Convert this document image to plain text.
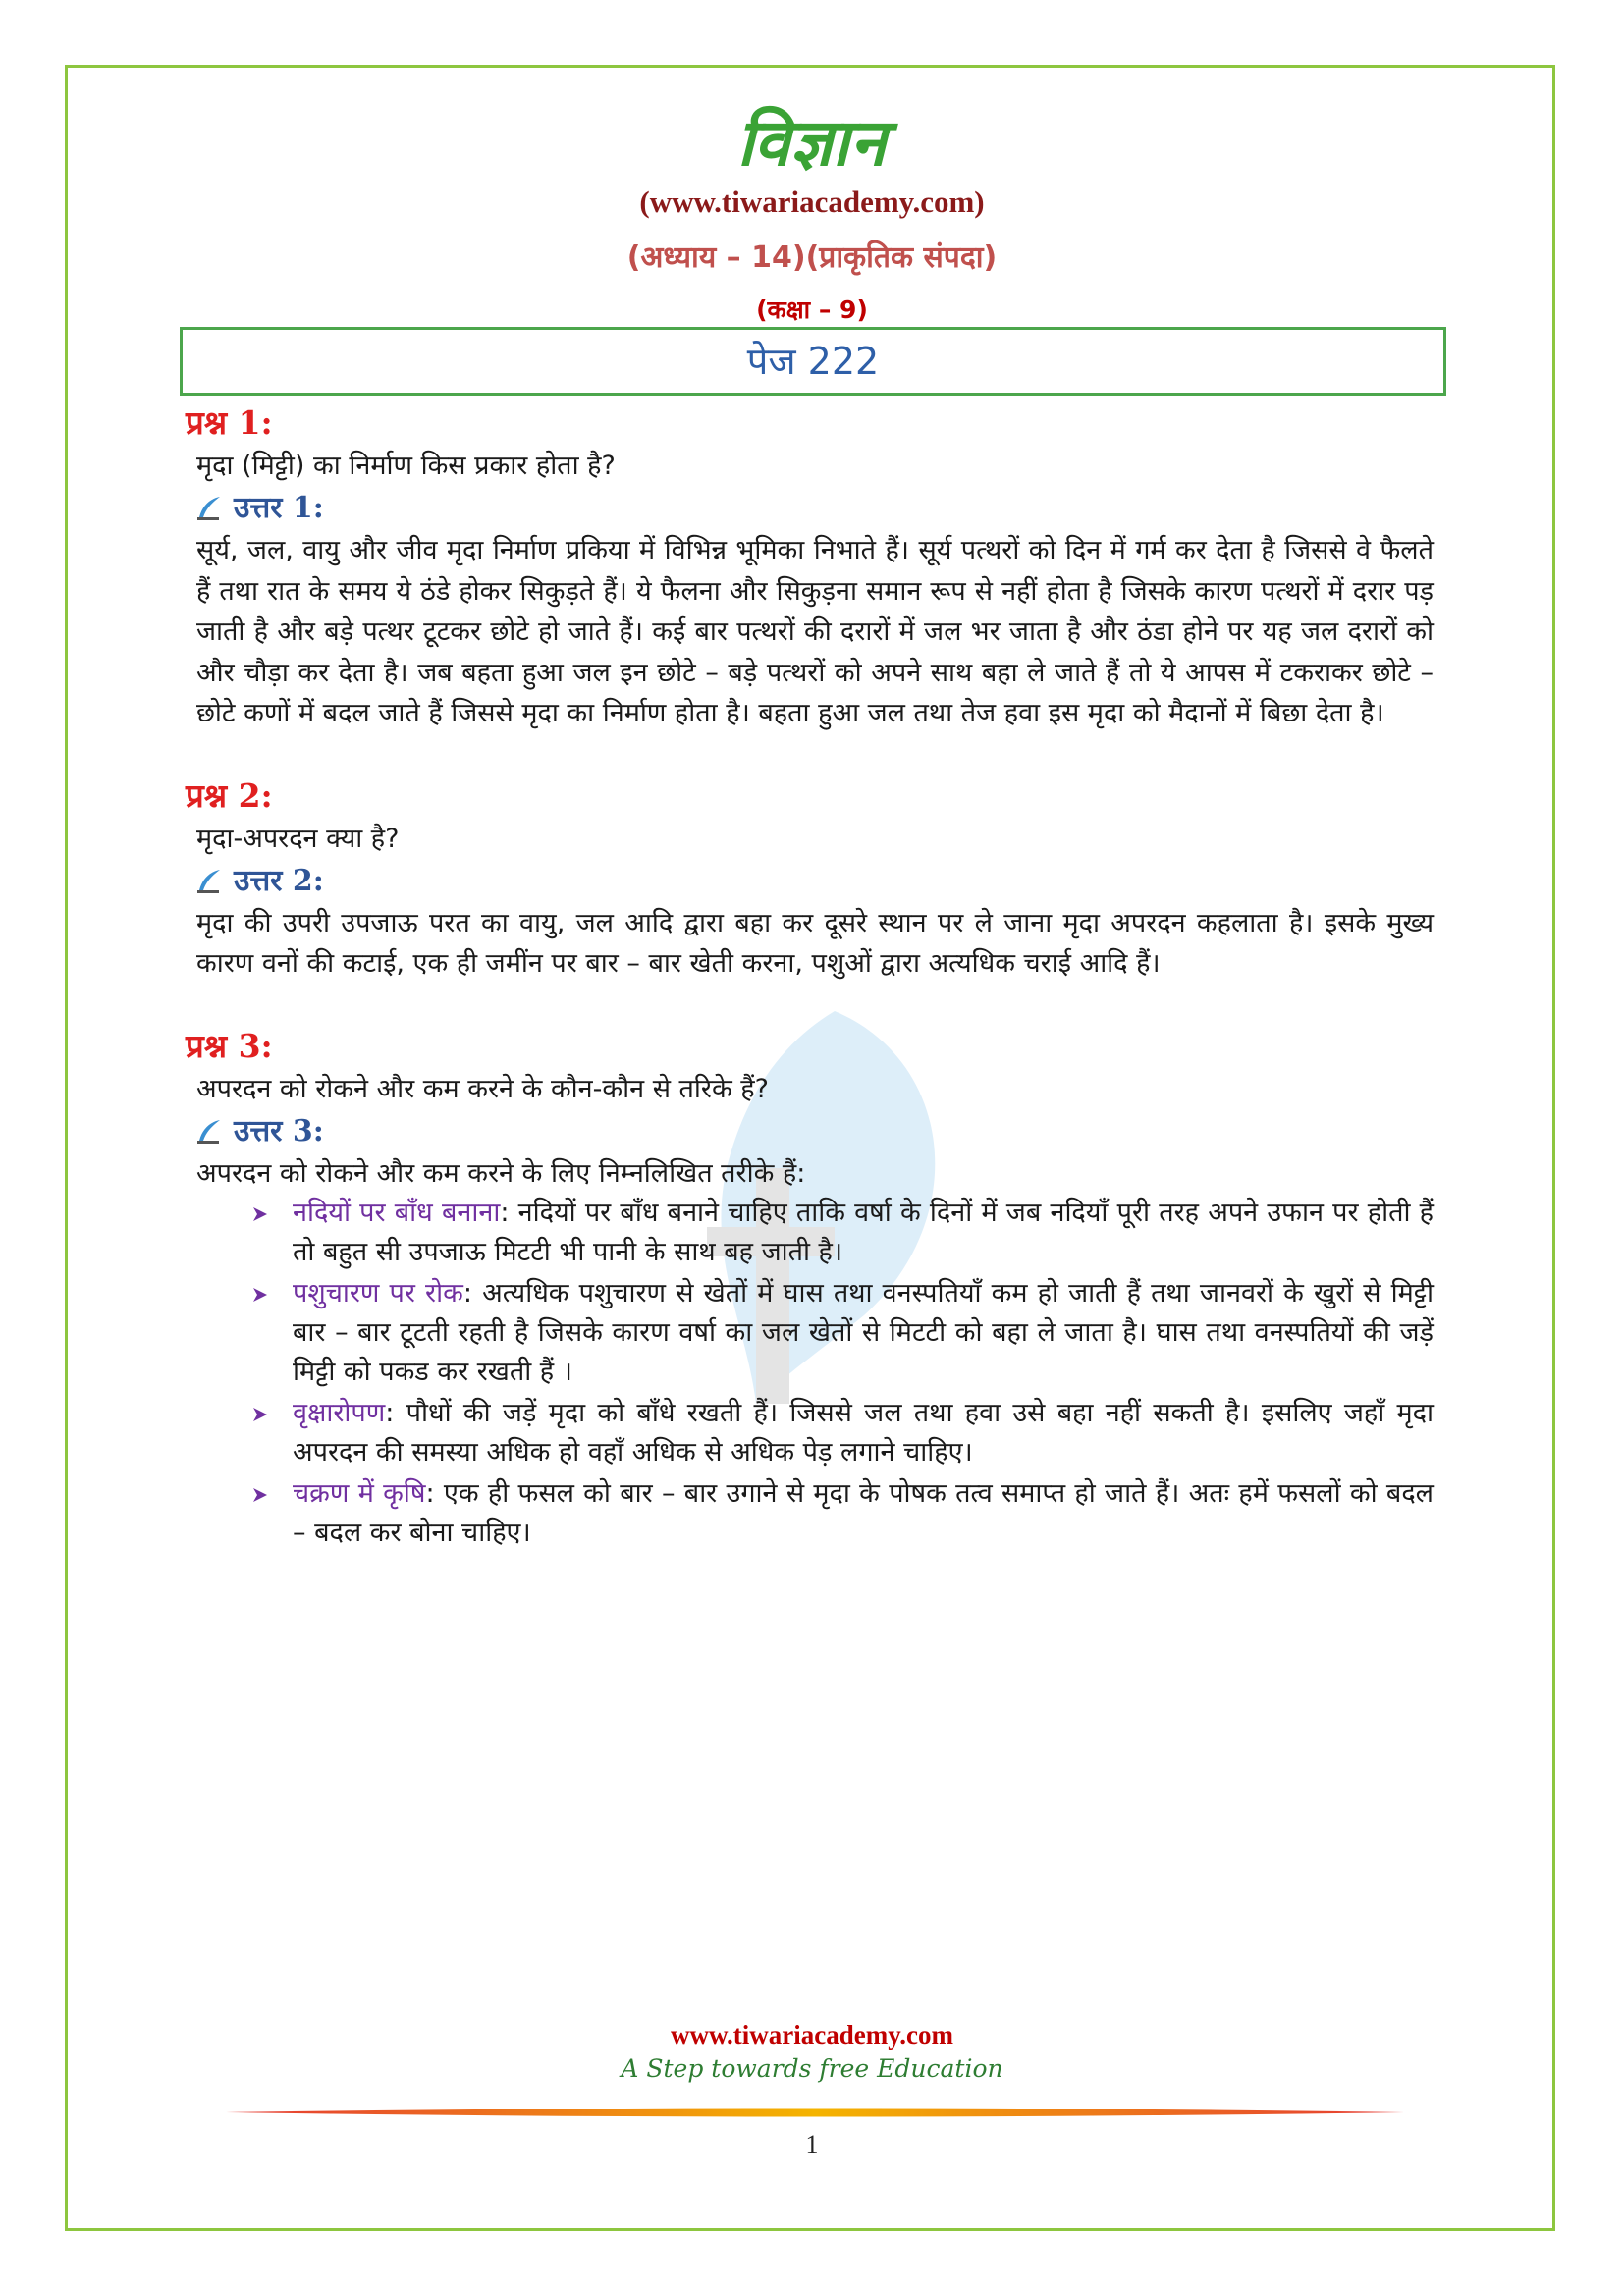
विज्ञान
(www.tiwariacademy.com)
(अध्याय – 14)(प्राकृतिक संपदा)
(कक्षा – 9)
पेज 222
प्रश्न 1:
मृदा (मिट्टी) का निर्माण किस प्रकार होता है?
उत्तर 1:
सूर्य, जल, वायु और जीव मृदा निर्माण प्रकिया में विभिन्न भूमिका निभाते हैं। सूर्य पत्थरों को दिन में गर्म कर देता है जिससे वे फैलते हैं तथा रात के समय ये ठंडे होकर सिकुड़ते हैं। ये फैलना और सिकुड़ना समान रूप से नहीं होता है जिसके कारण पत्थरों में दरार पड़ जाती है और बड़े पत्थर टूटकर छोटे हो जाते हैं। कई बार पत्थरों की दरारों में जल भर जाता है और ठंडा होने पर यह जल दरारों को और चौड़ा कर देता है। जब बहता हुआ जल इन छोटे – बड़े पत्थरों को अपने साथ बहा ले जाते हैं तो ये आपस में टकराकर छोटे – छोटे कणों में बदल जाते हैं जिससे मृदा का निर्माण होता है। बहता हुआ जल तथा तेज हवा इस मृदा को मैदानों में बिछा देता है।
प्रश्न 2:
मृदा-अपरदन क्या है?
उत्तर 2:
मृदा की उपरी उपजाऊ परत का वायु, जल आदि द्वारा बहा कर दूसरे स्थान पर ले जाना मृदा अपरदन कहलाता है। इसके मुख्य कारण वनों की कटाई, एक ही जमींन पर बार – बार खेती करना, पशुओं द्वारा अत्यधिक चराई आदि हैं।
प्रश्न 3:
अपरदन को रोकने और कम करने के कौन-कौन से तरिके हैं?
उत्तर 3:
अपरदन को रोकने और कम करने के लिए निम्नलिखित तरीके हैं:
नदियों पर बाँध बनाना: नदियों पर बाँध बनाने चाहिए ताकि वर्षा के दिनों में जब नदियाँ पूरी तरह अपने उफान पर होती हैं तो बहुत सी उपजाऊ मिटटी भी पानी के साथ बह जाती है।
पशुचारण पर रोक: अत्यधिक पशुचारण से खेतों में घास तथा वनस्पतियाँ कम हो जाती हैं तथा जानवरों के खुरों से मिट्टी बार – बार टूटती रहती है जिसके कारण वर्षा का जल खेतों से मिटटी को बहा ले जाता है। घास तथा वनस्पतियों की जड़ें मिट्टी को पकड कर रखती हैं ।
वृक्षारोपण: पौधों की जड़ें मृदा को बाँधे रखती हैं। जिससे जल तथा हवा उसे बहा नहीं सकती है। इसलिए जहाँ मृदा अपरदन की समस्या अधिक हो वहाँ अधिक से अधिक पेड़ लगाने चाहिए।
चक्रण में कृषि: एक ही फसल को बार – बार उगाने से मृदा के पोषक तत्व समाप्त हो जाते हैं। अतः हमें फसलों को बदल – बदल कर बोना चाहिए।
www.tiwariacademy.com
A Step towards free Education
1
